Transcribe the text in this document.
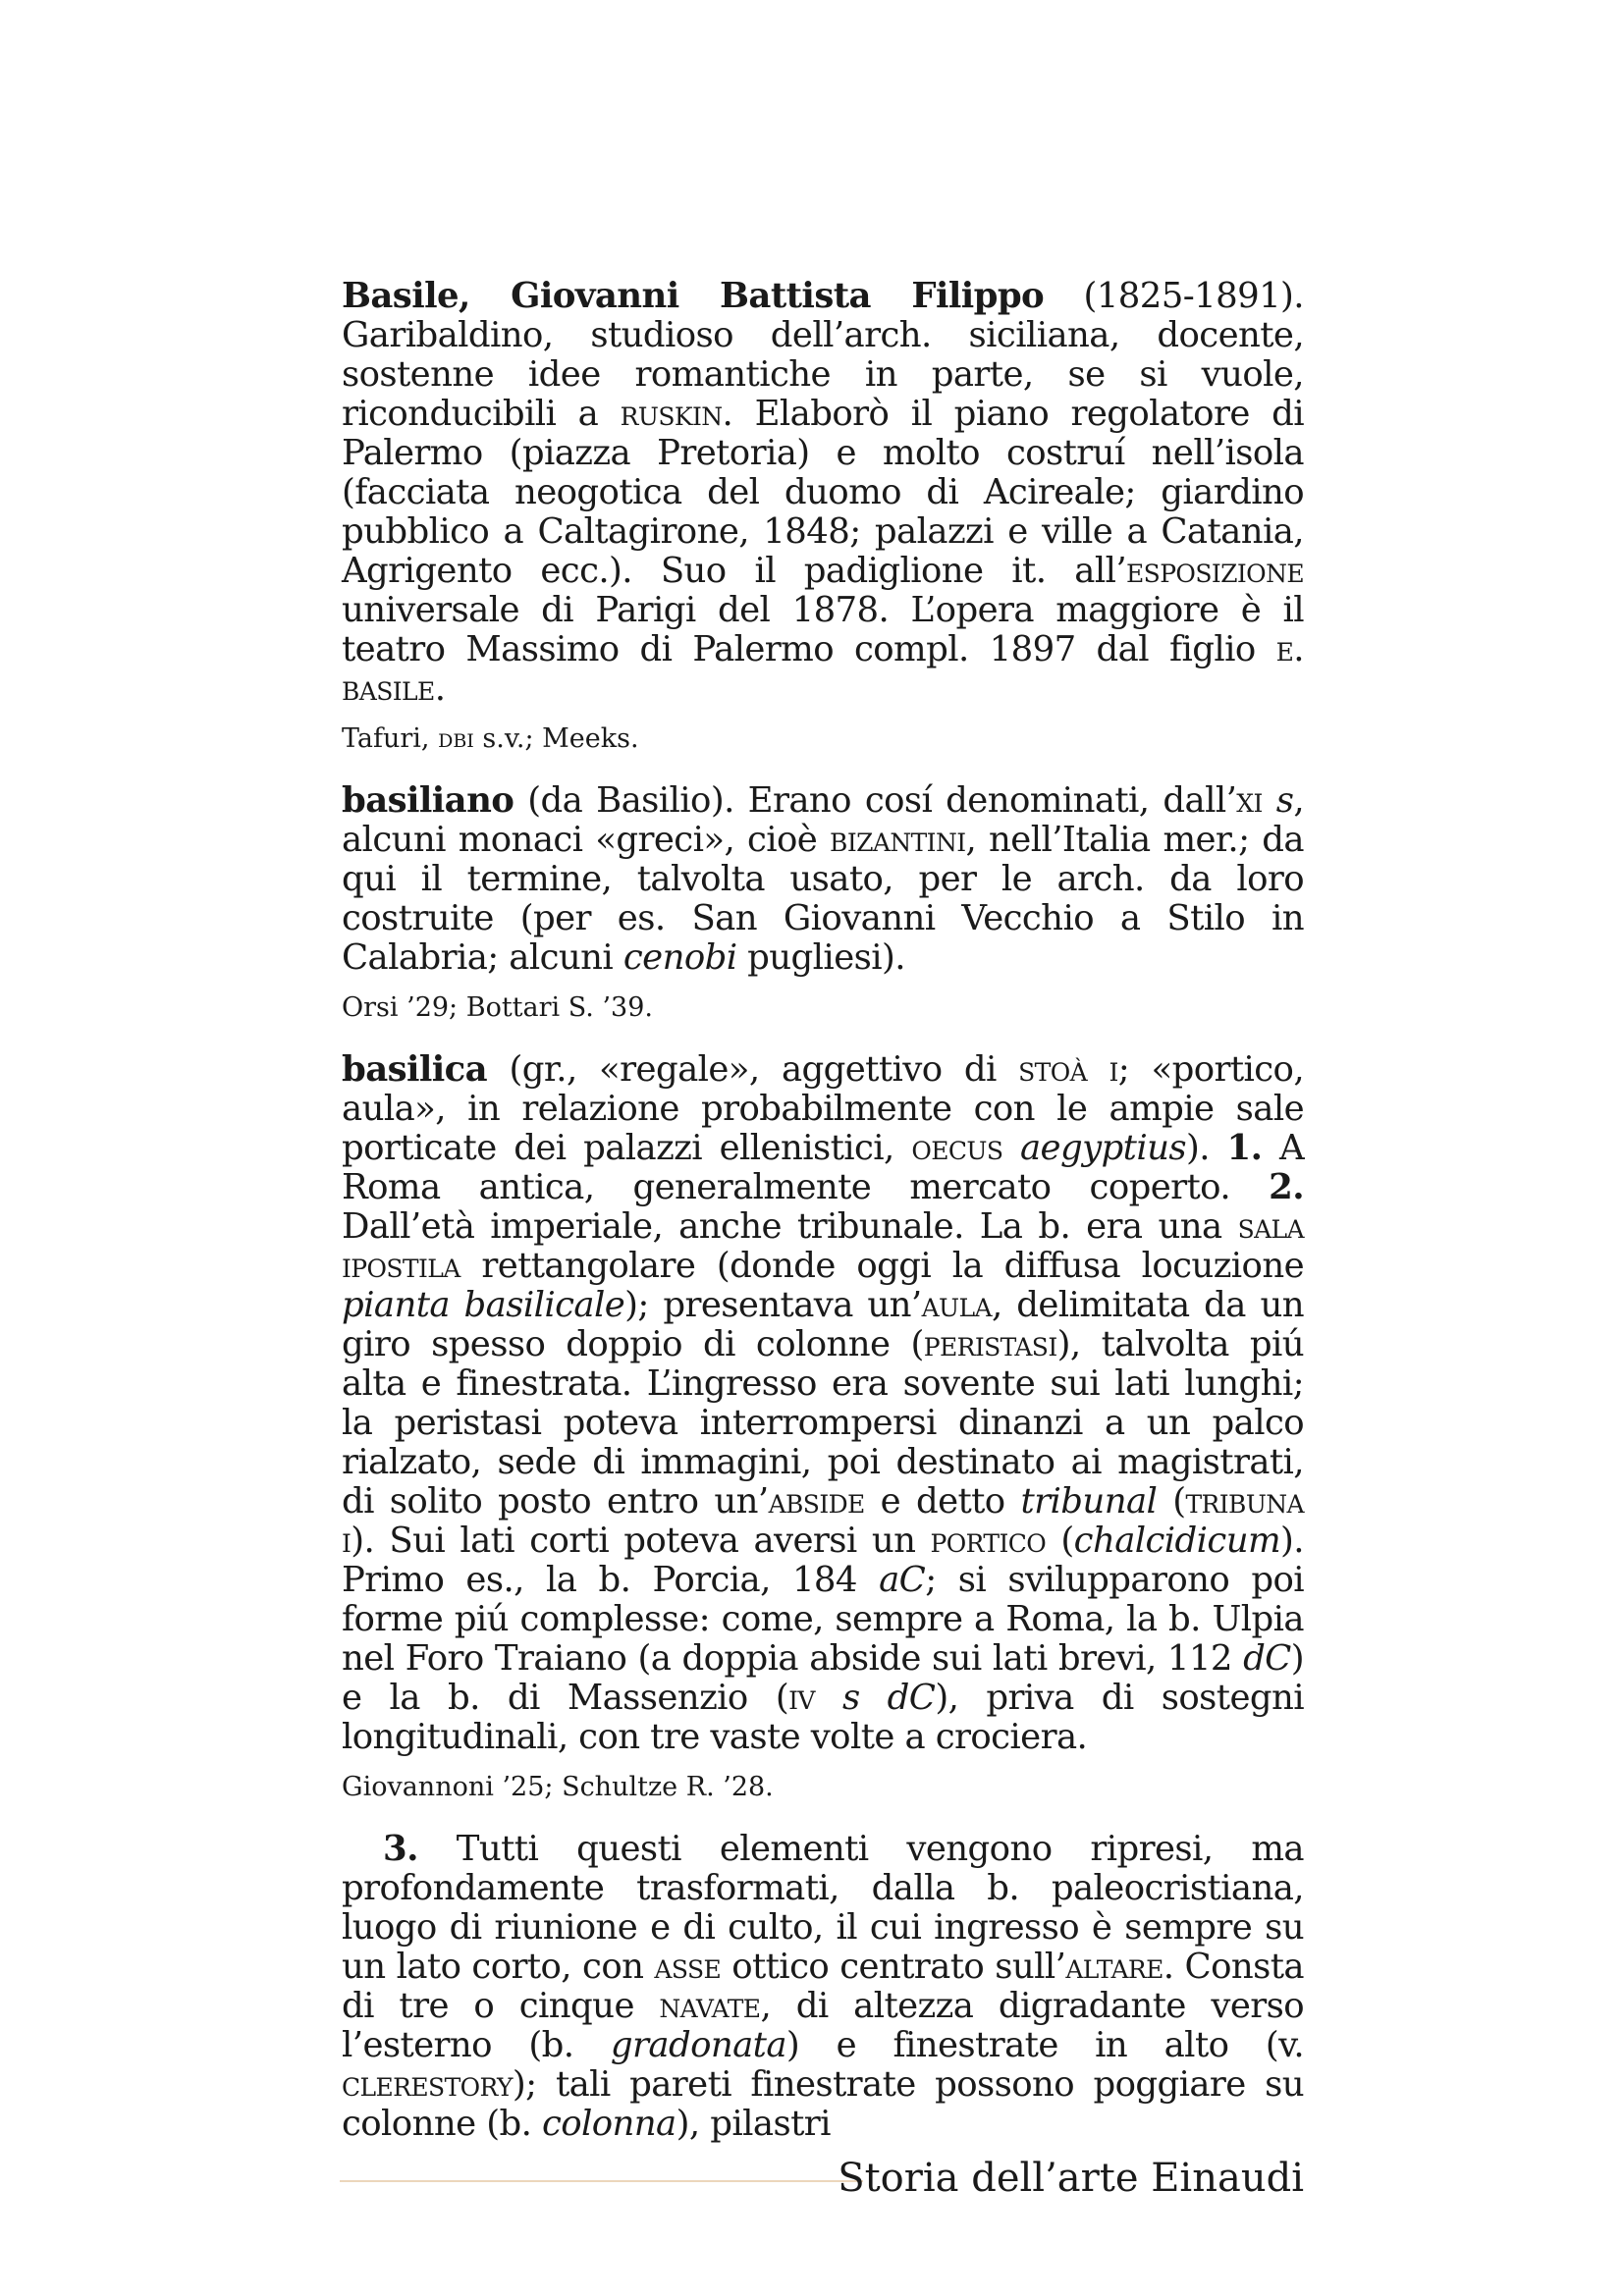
Basile, Giovanni Battista Filippo (1825-1891). Garibaldino, studioso dell’arch. siciliana, docente, sostenne idee romantiche in parte, se si vuole, riconducibili a ruskin. Elaborò il piano regolatore di Palermo (piazza Pretoria) e molto costruí nell’isola (facciata neogotica del duomo di Acireale; giardino pubblico a Caltagirone, 1848; palazzi e ville a Catania, Agrigento ecc.). Suo il padiglione it. all’esposizione universale di Parigi del 1878. L’opera maggiore è il teatro Massimo di Palermo compl. 1897 dal figlio e. basile.

Tafuri, dbi s.v.; Meeks.

basiliano (da Basilio). Erano cosí denominati, dall’xi s, alcuni monaci «greci», cioè bizantini, nell’Italia mer.; da qui il termine, talvolta usato, per le arch. da loro costruite (per es. San Giovanni Vecchio a Stilo in Calabria; alcuni cenobi pugliesi).

Orsi ’29; Bottari S. ’39.

basilica (gr., «regale», aggettivo di stoà i; «portico, aula», in relazione probabilmente con le ampie sale porticate dei palazzi ellenistici, oecus aegyptius). 1. A Roma antica, generalmente mercato coperto. 2. Dall’età imperiale, anche tribunale. La b. era una sala ipostila rettangolare (donde oggi la diffusa locuzione pianta basilicale); presentava un’aula, delimitata da un giro spesso doppio di colonne (peristasi), talvolta piú alta e finestrata. L’ingresso era sovente sui lati lunghi; la peristasi poteva interrompersi dinanzi a un palco rialzato, sede di immagini, poi destinato ai magistrati, di solito posto entro un’abside e detto tribunal (tribuna i). Sui lati corti poteva aversi un portico (chalcidicum). Primo es., la b. Porcia, 184 aC; si svilupparono poi forme piú complesse: come, sempre a Roma, la b. Ulpia nel Foro Traiano (a doppia abside sui lati brevi, 112 dC) e la b. di Massenzio (iv s dC), priva di sostegni longitudinali, con tre vaste volte a crociera.

Giovannoni ’25; Schultze R. ’28.

3. Tutti questi elementi vengono ripresi, ma profondamente trasformati, dalla b. paleocristiana, luogo di riunione e di culto, il cui ingresso è sempre su un lato corto, con asse ottico centrato sull’altare. Consta di tre o cinque navate, di altezza digradante verso l’esterno (b. gradonata) e finestrate in alto (v. clerestory); tali pareti finestrate possono poggiare su colonne (b. colonna), pilastri

Storia dell’arte Einaudi
